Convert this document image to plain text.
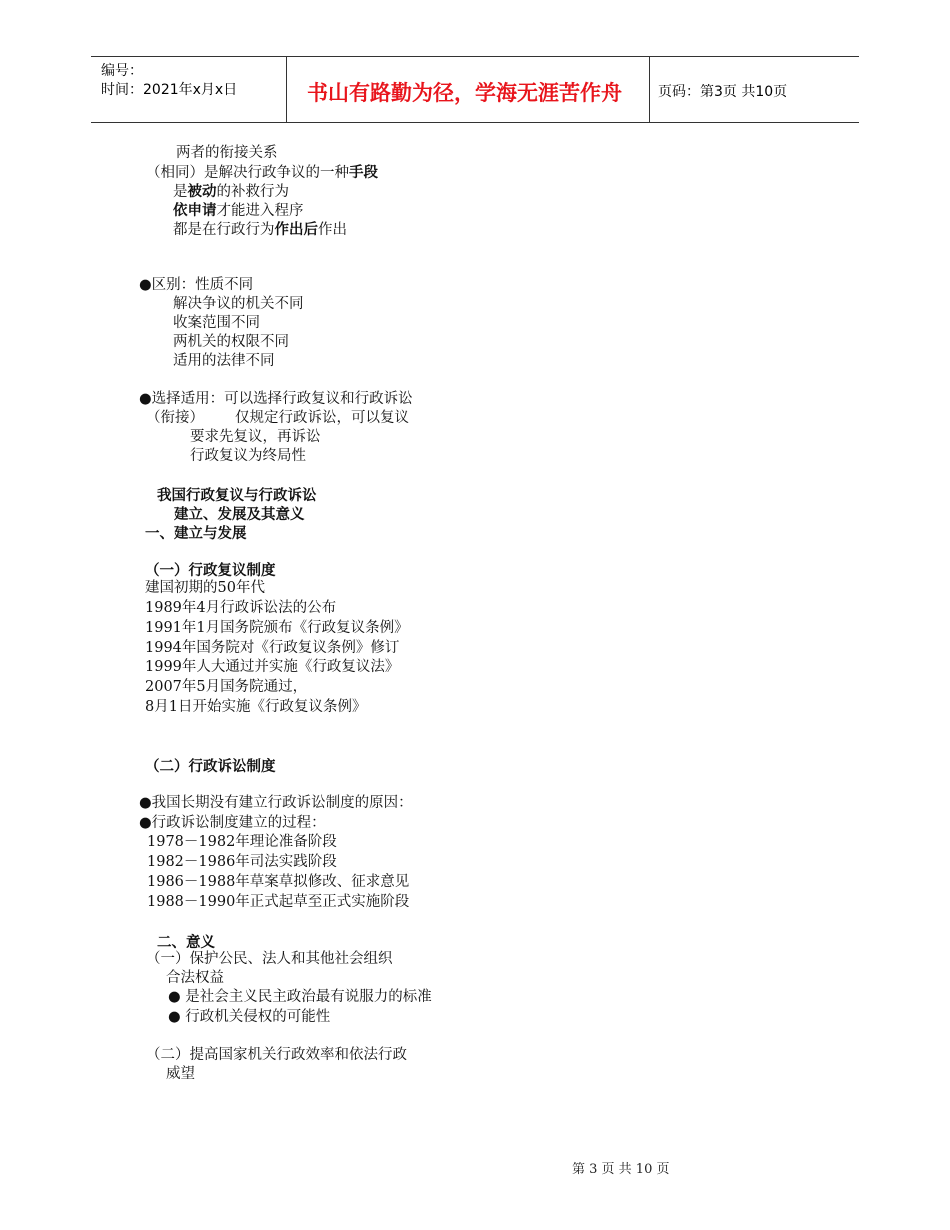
编号：
时间：2021年x月x日	书山有路勤为径，学海无涯苦作舟	页码：第3页 共10页
两者的衔接关系
（相同）是解决行政争议的一种手段
是被动的补救行为
依申请才能进入程序
都是在行政行为作出后作出
●区别：性质不同
解决争议的机关不同
收案范围不同
两机关的权限不同
适用的法律不同
●选择适用：可以选择行政复议和行政诉讼
（衔接） 仅规定行政诉讼，可以复议
要求先复议，再诉讼
行政复议为终局性
我国行政复议与行政诉讼
建立、发展及其意义
一、建立与发展
（一）行政复议制度
建国初期的50年代
1989年4月行政诉讼法的公布
1991年1月国务院颁布《行政复议条例》
1994年国务院对《行政复议条例》修订
1999年人大通过并实施《行政复议法》
2007年5月国务院通过，
8月1日开始实施《行政复议条例》
（二）行政诉讼制度
●我国长期没有建立行政诉讼制度的原因：
●行政诉讼制度建立的过程：
1978－1982年理论准备阶段
1982－1986年司法实践阶段
1986－1988年草案草拟修改、征求意见
1988－1990年正式起草至正式实施阶段
二、意义
（一）保护公民、法人和其他社会组织
合法权益
● 是社会主义民主政治最有说服力的标准
● 行政机关侵权的可能性
（二）提高国家机关行政效率和依法行政
威望
第 3 页 共 10 页
